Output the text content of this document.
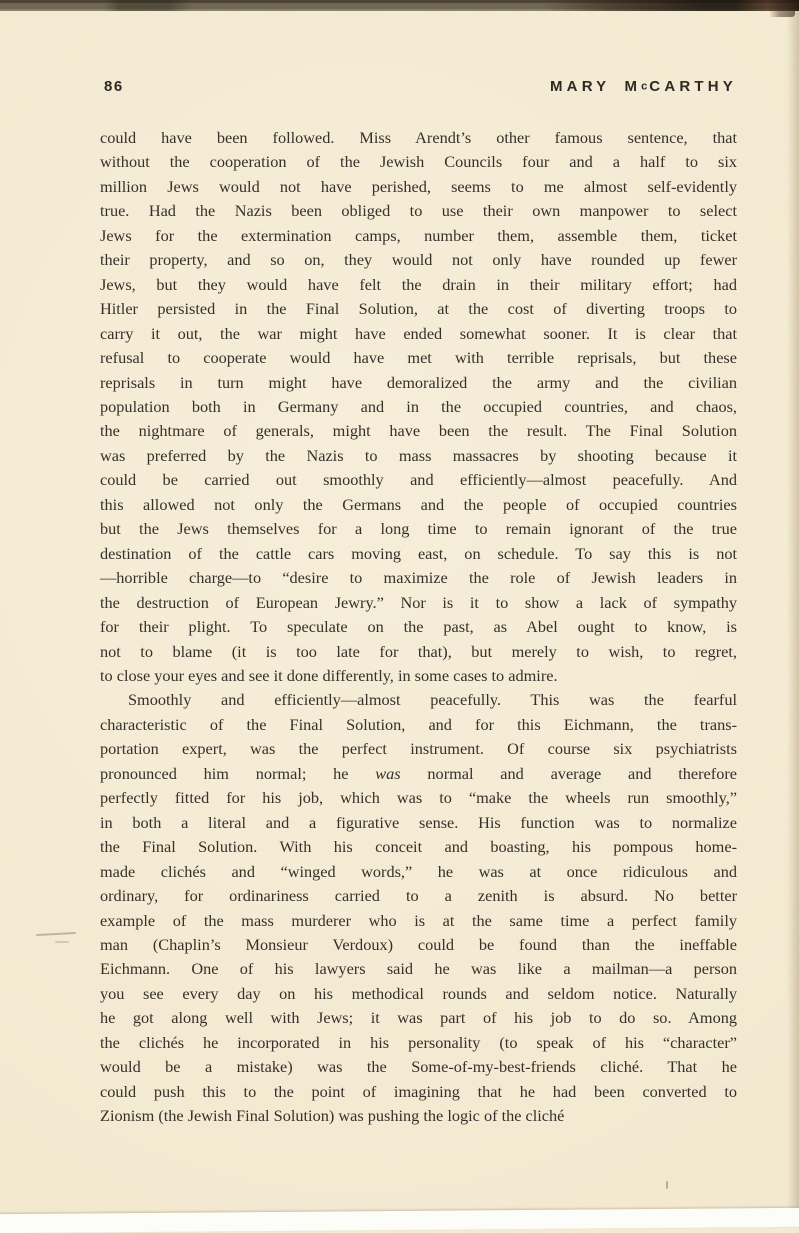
86	MARY McCARTHY
could have been followed. Miss Arendt’s other famous sentence, that
without the cooperation of the Jewish Councils four and a half to six
million Jews would not have perished, seems to me almost self-evidently
true. Had the Nazis been obliged to use their own manpower to select
Jews for the extermination camps, number them, assemble them, ticket
their property, and so on, they would not only have rounded up fewer
Jews, but they would have felt the drain in their military effort; had
Hitler persisted in the Final Solution, at the cost of diverting troops to
carry it out, the war might have ended somewhat sooner. It is clear that
refusal to cooperate would have met with terrible reprisals, but these
reprisals in turn might have demoralized the army and the civilian
population both in Germany and in the occupied countries, and chaos,
the nightmare of generals, might have been the result. The Final Solution
was preferred by the Nazis to mass massacres by shooting because it
could be carried out smoothly and efficiently—almost peacefully. And
this allowed not only the Germans and the people of occupied countries
but the Jews themselves for a long time to remain ignorant of the true
destination of the cattle cars moving east, on schedule. To say this is not
—horrible charge—to “desire to maximize the role of Jewish leaders in
the destruction of European Jewry.” Nor is it to show a lack of sympathy
for their plight. To speculate on the past, as Abel ought to know, is
not to blame (it is too late for that), but merely to wish, to regret,
to close your eyes and see it done differently, in some cases to admire.
Smoothly and efficiently—almost peacefully. This was the fearful
characteristic of the Final Solution, and for this Eichmann, the trans-
portation expert, was the perfect instrument. Of course six psychiatrists
pronounced him normal; he was normal and average and therefore
perfectly fitted for his job, which was to “make the wheels run smoothly,”
in both a literal and a figurative sense. His function was to normalize
the Final Solution. With his conceit and boasting, his pompous home-
made clichés and “winged words,” he was at once ridiculous and
ordinary, for ordinariness carried to a zenith is absurd. No better
example of the mass murderer who is at the same time a perfect family
man (Chaplin’s Monsieur Verdoux) could be found than the ineffable
Eichmann. One of his lawyers said he was like a mailman—a person
you see every day on his methodical rounds and seldom notice. Naturally
he got along well with Jews; it was part of his job to do so. Among
the clichés he incorporated in his personality (to speak of his “character”
would be a mistake) was the Some-of-my-best-friends cliché. That he
could push this to the point of imagining that he had been converted to
Zionism (the Jewish Final Solution) was pushing the logic of the cliché
